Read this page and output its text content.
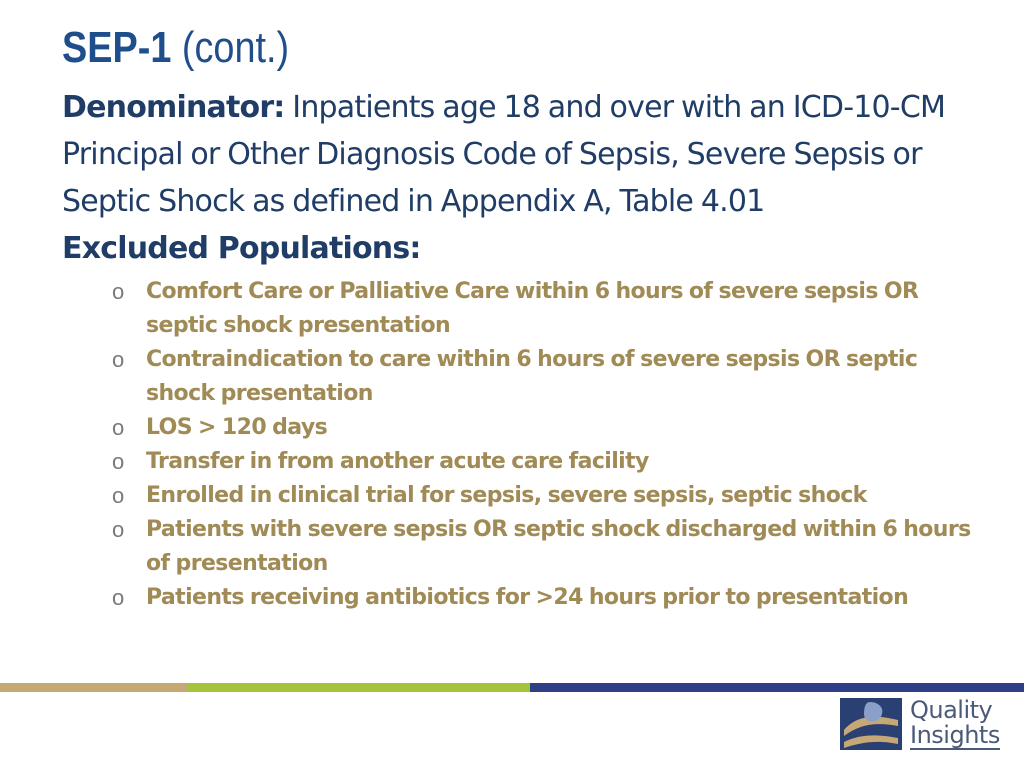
SEP-1 (cont.)

Denominator: Inpatients age 18 and over with an ICD-10-CM Principal or Other Diagnosis Code of Sepsis, Severe Sepsis or Septic Shock as defined in Appendix A, Table 4.01

Excluded Populations:

o Comfort Care or Palliative Care within 6 hours of severe sepsis OR septic shock presentation
o Contraindication to care within 6 hours of severe sepsis OR septic shock presentation
o LOS > 120 days
o Transfer in from another acute care facility
o Enrolled in clinical trial for sepsis, severe sepsis, septic shock
o Patients with severe sepsis OR septic shock discharged within 6 hours of presentation
o Patients receiving antibiotics for >24 hours prior to presentation
Quality
Insights
